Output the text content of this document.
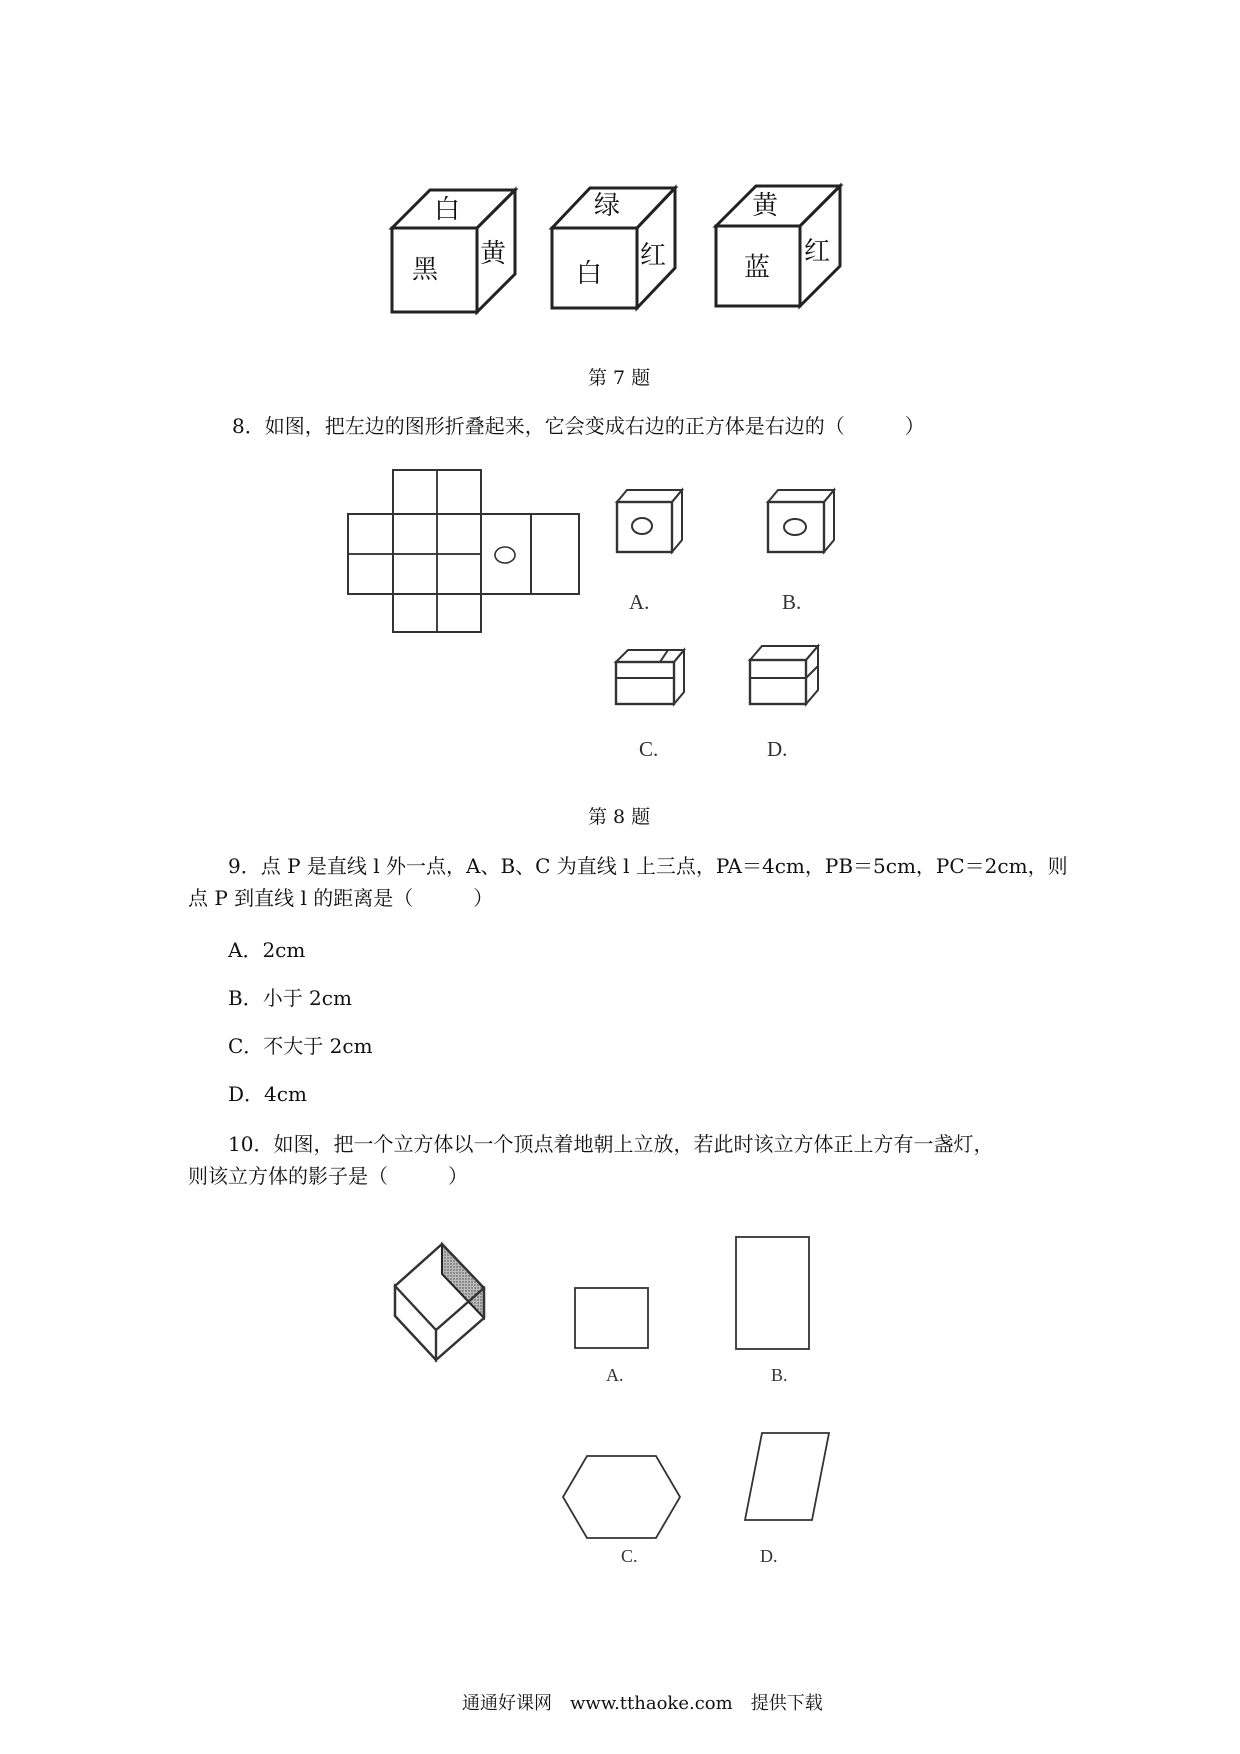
白
黑
黄
绿
白
红
黄
蓝
红
第 7 题
8．如图，把左边的图形折叠起来，它会变成右边的正方体是右边的（　　　）
A.	B.
C.	D.
第 8 题
9．点 P 是直线 l 外一点，A、B、C 为直线 l 上三点，PA＝4cm，PB＝5cm，PC＝2cm，则
点 P 到直线 l 的距离是（　　　）
A．2cm
B．小于 2cm
C．不大于 2cm
D．4cm
10．如图，把一个立方体以一个顶点着地朝上立放，若此时该立方体正上方有一盏灯，
则该立方体的影子是（　　　）
A.	B.
C.	D.
通通好课网　www.tthaoke.com　提供下载
